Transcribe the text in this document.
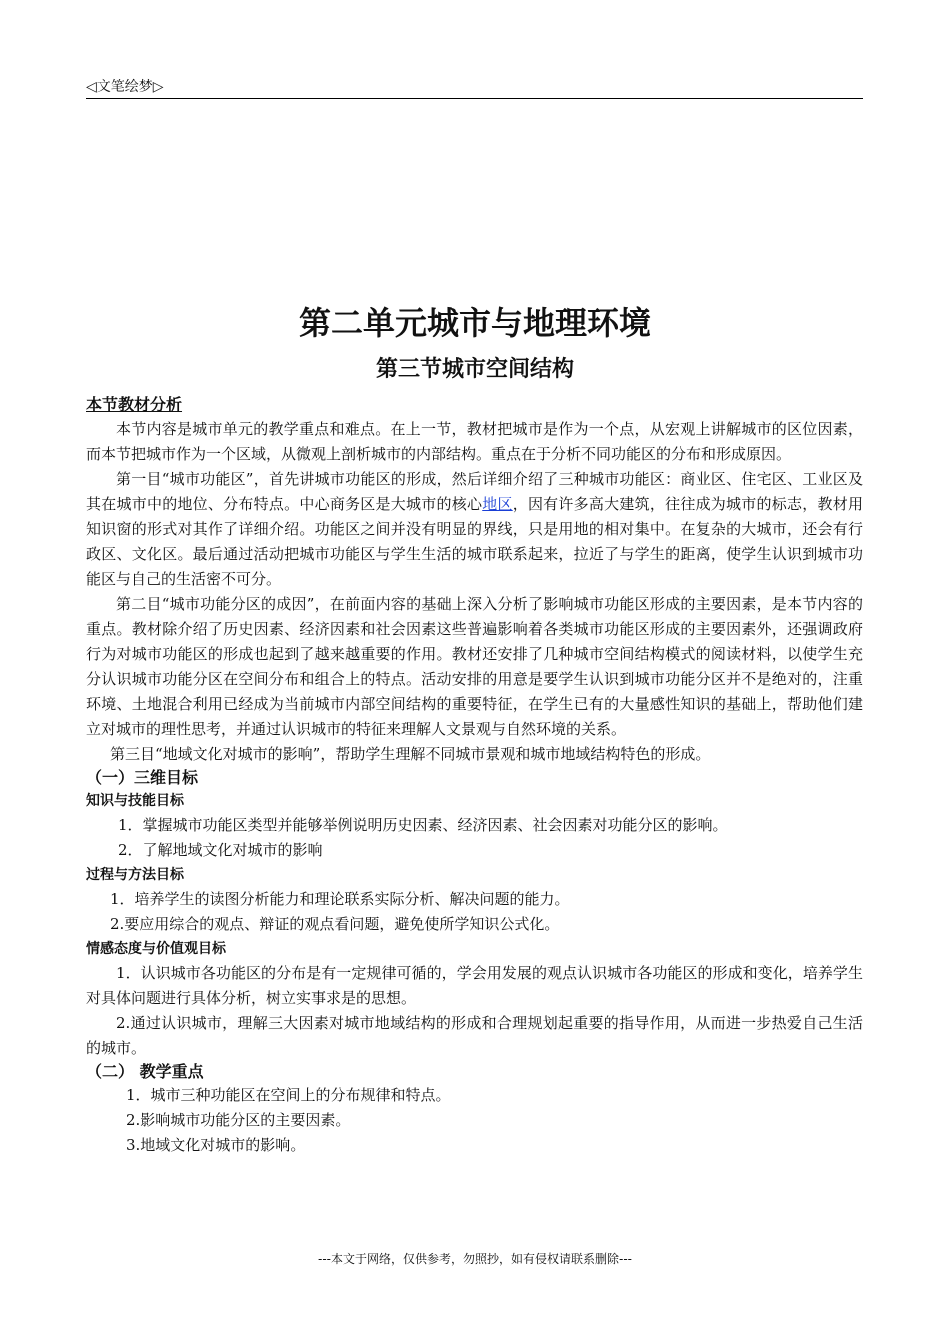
◁文笔绘梦▷
第二单元城市与地理环境
第三节城市空间结构
本节教材分析

本节内容是城市单元的教学重点和难点。在上一节，教材把城市是作为一个点，从宏观上讲解城市的区位因素，而本节把城市作为一个区域，从微观上剖析城市的内部结构。重点在于分析不同功能区的分布和形成原因。

第一目“城市功能区”，首先讲城市功能区的形成，然后详细介绍了三种城市功能区：商业区、住宅区、工业区及其在城市中的地位、分布特点。中心商务区是大城市的核心地区，因有许多高大建筑，往往成为城市的标志，教材用知识窗的形式对其作了详细介绍。功能区之间并没有明显的界线，只是用地的相对集中。在复杂的大城市，还会有行政区、文化区。最后通过活动把城市功能区与学生生活的城市联系起来，拉近了与学生的距离，使学生认识到城市功能区与自己的生活密不可分。

第二目“城市功能分区的成因”，在前面内容的基础上深入分析了影响城市功能区形成的主要因素，是本节内容的重点。教材除介绍了历史因素、经济因素和社会因素这些普遍影响着各类城市功能区形成的主要因素外，还强调政府行为对城市功能区的形成也起到了越来越重要的作用。教材还安排了几种城市空间结构模式的阅读材料，以使学生充分认识城市功能分区在空间分布和组合上的特点。活动安排的用意是要学生认识到城市功能分区并不是绝对的，注重环境、土地混合利用已经成为当前城市内部空间结构的重要特征，在学生已有的大量感性知识的基础上，帮助他们建立对城市的理性思考，并通过认识城市的特征来理解人文景观与自然环境的关系。

第三目“地域文化对城市的影响”，帮助学生理解不同城市景观和城市地域结构特色的形成。

（一）三维目标
知识与技能目标

1．掌握城市功能区类型并能够举例说明历史因素、经济因素、社会因素对功能分区的影响。

2．了解地域文化对城市的影响

过程与方法目标

1．培养学生的读图分析能力和理论联系实际分析、解决问题的能力。

2.要应用综合的观点、辩证的观点看问题，避免使所学知识公式化。

情感态度与价值观目标

1．认识城市各功能区的分布是有一定规律可循的，学会用发展的观点认识城市各功能区的形成和变化，培养学生对具体问题进行具体分析，树立实事求是的思想。

2.通过认识城市，理解三大因素对城市地域结构的形成和合理规划起重要的指导作用，从而进一步热爱自己生活的城市。

（二） 教学重点

1．城市三种功能区在空间上的分布规律和特点。

2.影响城市功能分区的主要因素。

3.地域文化对城市的影响。

---本文于网络，仅供参考，勿照抄，如有侵权请联系删除---
